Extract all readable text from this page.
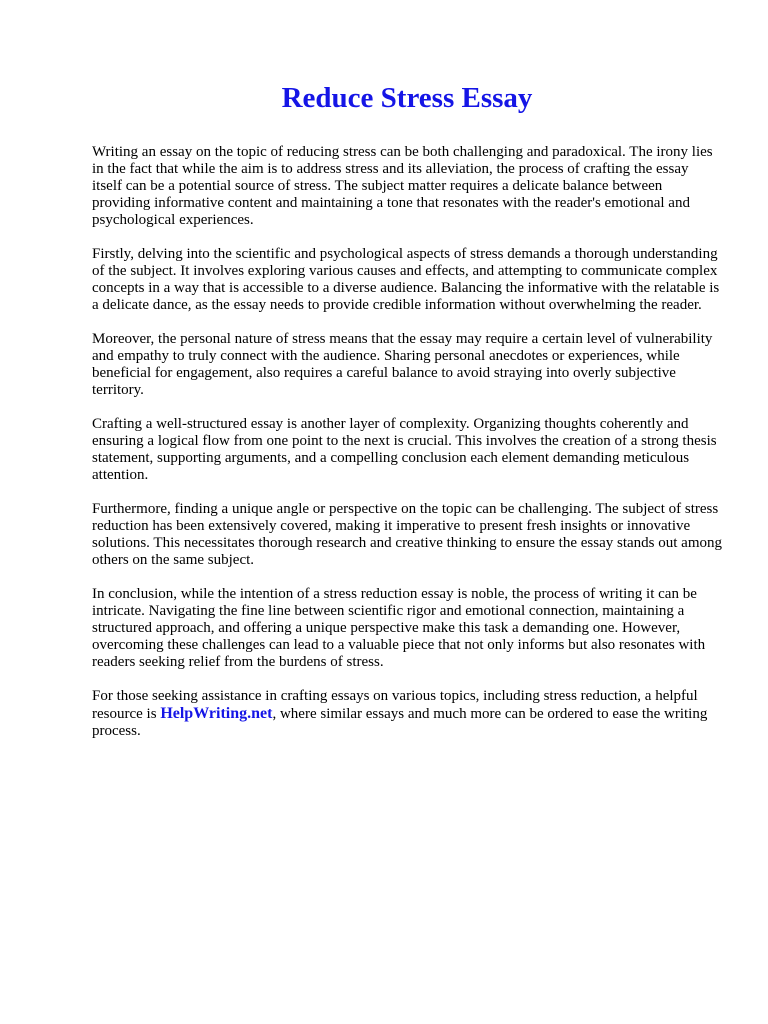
Reduce Stress Essay

Writing an essay on the topic of reducing stress can be both challenging and paradoxical. The irony lies in the fact that while the aim is to address stress and its alleviation, the process of crafting the essay itself can be a potential source of stress. The subject matter requires a delicate balance between providing informative content and maintaining a tone that resonates with the reader's emotional and psychological experiences.

Firstly, delving into the scientific and psychological aspects of stress demands a thorough understanding of the subject. It involves exploring various causes and effects, and attempting to communicate complex concepts in a way that is accessible to a diverse audience. Balancing the informative with the relatable is a delicate dance, as the essay needs to provide credible information without overwhelming the reader.

Moreover, the personal nature of stress means that the essay may require a certain level of vulnerability and empathy to truly connect with the audience. Sharing personal anecdotes or experiences, while beneficial for engagement, also requires a careful balance to avoid straying into overly subjective territory.

Crafting a well-structured essay is another layer of complexity. Organizing thoughts coherently and ensuring a logical flow from one point to the next is crucial. This involves the creation of a strong thesis statement, supporting arguments, and a compelling conclusion each element demanding meticulous attention.

Furthermore, finding a unique angle or perspective on the topic can be challenging. The subject of stress reduction has been extensively covered, making it imperative to present fresh insights or innovative solutions. This necessitates thorough research and creative thinking to ensure the essay stands out among others on the same subject.

In conclusion, while the intention of a stress reduction essay is noble, the process of writing it can be intricate. Navigating the fine line between scientific rigor and emotional connection, maintaining a structured approach, and offering a unique perspective make this task a demanding one. However, overcoming these challenges can lead to a valuable piece that not only informs but also resonates with readers seeking relief from the burdens of stress.

For those seeking assistance in crafting essays on various topics, including stress reduction, a helpful resource is HelpWriting.net, where similar essays and much more can be ordered to ease the writing process.
